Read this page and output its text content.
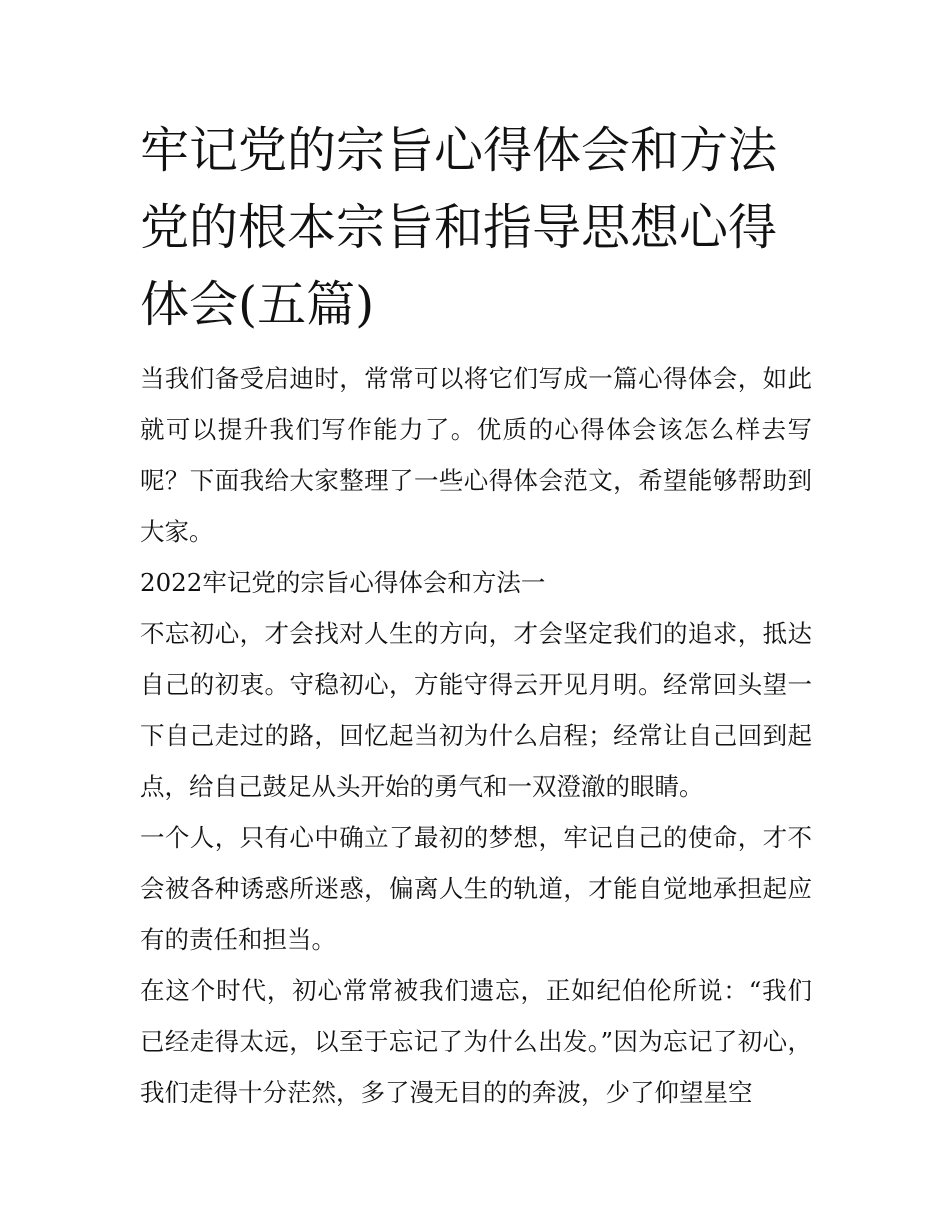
牢记党的宗旨心得体会和方法党的根本宗旨和指导思想心得体会(五篇)

当我们备受启迪时，常常可以将它们写成一篇心得体会，如此就可以提升我们写作能力了。优质的心得体会该怎么样去写呢？下面我给大家整理了一些心得体会范文，希望能够帮助到大家。

2022牢记党的宗旨心得体会和方法一

不忘初心，才会找对人生的方向，才会坚定我们的追求，抵达自己的初衷。守稳初心，方能守得云开见月明。经常回头望一下自己走过的路，回忆起当初为什么启程；经常让自己回到起点，给自己鼓足从头开始的勇气和一双澄澈的眼睛。

一个人，只有心中确立了最初的梦想，牢记自己的使命，才不会被各种诱惑所迷惑，偏离人生的轨道，才能自觉地承担起应有的责任和担当。

在这个时代，初心常常被我们遗忘，正如纪伯伦所说：“我们已经走得太远，以至于忘记了为什么出发。”因为忘记了初心，我们走得十分茫然，多了漫无目的的奔波，少了仰望星空
